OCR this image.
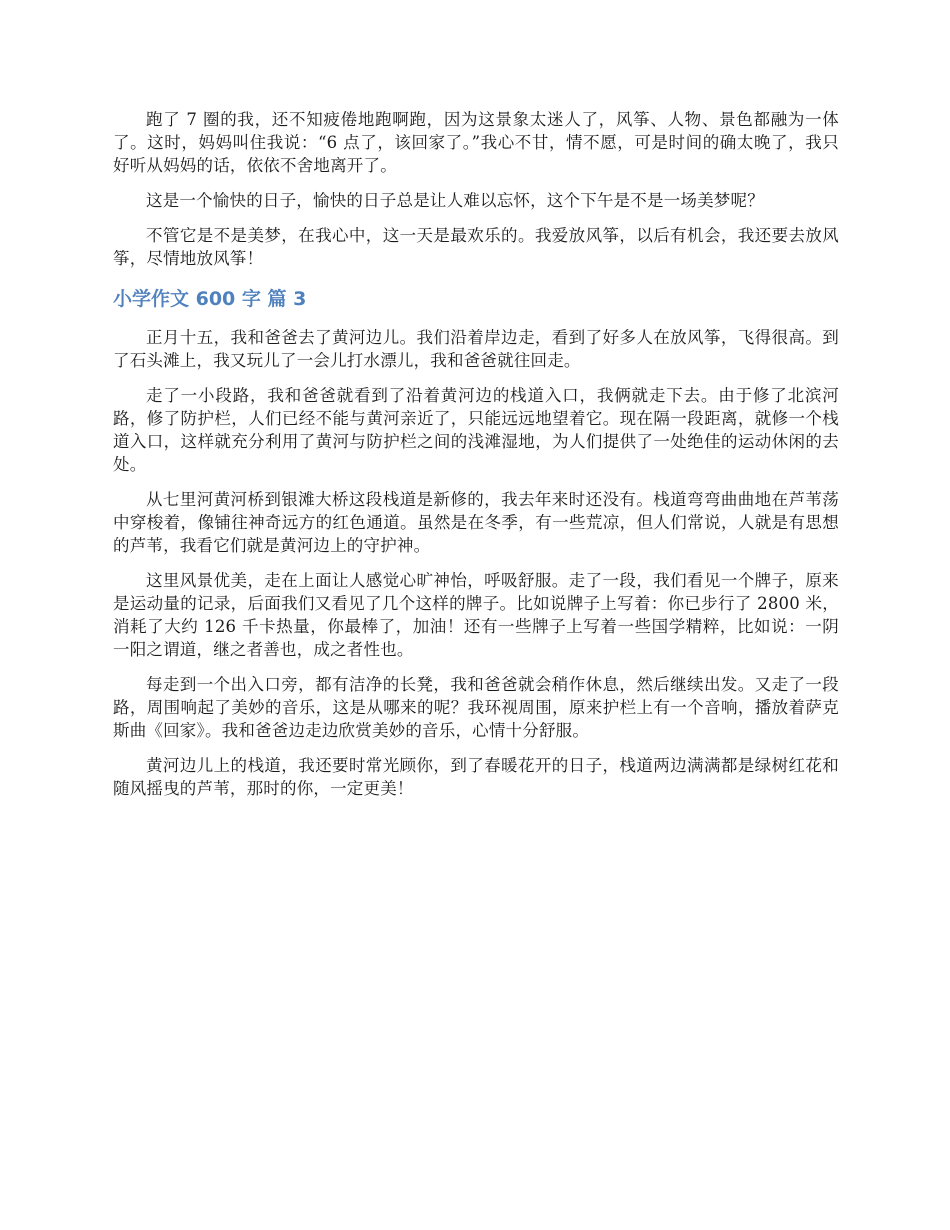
跑了 7 圈的我，还不知疲倦地跑啊跑，因为这景象太迷人了，风筝、人物、景色都融为一体了。这时，妈妈叫住我说：“6 点了，该回家了。”我心不甘，情不愿，可是时间的确太晚了，我只好听从妈妈的话，依依不舍地离开了。

这是一个愉快的日子，愉快的日子总是让人难以忘怀，这个下午是不是一场美梦呢？

不管它是不是美梦，在我心中，这一天是最欢乐的。我爱放风筝，以后有机会，我还要去放风筝，尽情地放风筝！

小学作文 600 字 篇 3

正月十五，我和爸爸去了黄河边儿。我们沿着岸边走，看到了好多人在放风筝，飞得很高。到了石头滩上，我又玩儿了一会儿打水漂儿，我和爸爸就往回走。

走了一小段路，我和爸爸就看到了沿着黄河边的栈道入口，我俩就走下去。由于修了北滨河路，修了防护栏，人们已经不能与黄河亲近了，只能远远地望着它。现在隔一段距离，就修一个栈道入口，这样就充分利用了黄河与防护栏之间的浅滩湿地，为人们提供了一处绝佳的运动休闲的去处。

从七里河黄河桥到银滩大桥这段栈道是新修的，我去年来时还没有。栈道弯弯曲曲地在芦苇荡中穿梭着，像铺往神奇远方的红色通道。虽然是在冬季，有一些荒凉，但人们常说，人就是有思想的芦苇，我看它们就是黄河边上的守护神。

这里风景优美，走在上面让人感觉心旷神怡，呼吸舒服。走了一段，我们看见一个牌子，原来是运动量的记录，后面我们又看见了几个这样的牌子。比如说牌子上写着：你已步行了 2800 米，消耗了大约 126 千卡热量，你最棒了，加油！还有一些牌子上写着一些国学精粹，比如说：一阴一阳之谓道，继之者善也，成之者性也。

每走到一个出入口旁，都有洁净的长凳，我和爸爸就会稍作休息，然后继续出发。又走了一段路，周围响起了美妙的音乐，这是从哪来的呢？我环视周围，原来护栏上有一个音响，播放着萨克斯曲《回家》。我和爸爸边走边欣赏美妙的音乐，心情十分舒服。

黄河边儿上的栈道，我还要时常光顾你，到了春暖花开的日子，栈道两边满满都是绿树红花和随风摇曳的芦苇，那时的你，一定更美！
